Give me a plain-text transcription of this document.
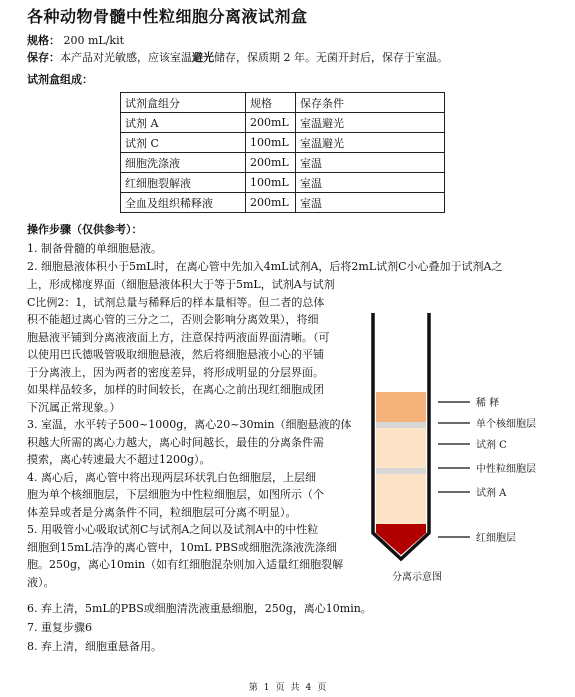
各种动物骨髓中性粒细胞分离液试剂盒
规格： 200 mL/kit
保存：本产品对光敏感，应该室温避光储存，保质期 2 年。无菌开封后，保存于室温。
试剂盒组成：
试剂盒组分	规格	保存条件
试剂 A	200mL	室温避光
试剂 C	100mL	室温避光
细胞洗涤液	200mL	室温
红细胞裂解液	100mL	室温
全血及组织稀释液	200mL	室温
操作步骤（仅供参考）：
1. 制备骨髓的单细胞悬液。
2. 细胞悬液体积小于5mL时，在离心管中先加入4mL试剂A，后将2mL试剂C小心叠加于试剂A之
上，形成梯度界面（细胞悬液体积大于等于5mL，试剂A与试剂
C比例2：1，试剂总量与稀释后的样本量相等。但二者的总体
积不能超过离心管的三分之二，否则会影响分离效果），将细
胞悬液平铺到分离液液面上方，注意保持两液面界面清晰。（可
以使用巴氏德吸管吸取细胞悬液，然后将细胞悬液小心的平铺
于分离液上，因为两者的密度差异，将形成明显的分层界面。
如果样品较多，加样的时间较长，在离心之前出现红细胞成团
下沉属正常现象。）
3. 室温，水平转子500~1000g，离心20~30min（细胞悬液的体
积越大所需的离心力越大，离心时间越长，最佳的分离条件需
摸索，离心转速最大不超过1200g）。
4. 离心后，离心管中将出现两层环状乳白色细胞层，上层细
胞为单个核细胞层，下层细胞为中性粒细胞层，如图所示（个
体差异或者是分离条件不同，粒细胞层可分离不明显）。
5. 用吸管小心吸取试剂C与试剂A之间以及试剂A中的中性粒
细胞到15mL洁净的离心管中，10mL PBS或细胞洗涤液洗涤细
胞。250g，离心10min（如有红细胞混杂则加入适量红细胞裂解
液）。
6. 弃上清，5mL的PBS或细胞清洗液重悬细胞，250g，离心10min。
7. 重复步骤6
8. 弃上清，细胞重悬备用。
稀 释
单个核细胞层
试剂 C
中性粒细胞层
试剂 A
红细胞层
分离示意图
第 1 页 共 4 页
